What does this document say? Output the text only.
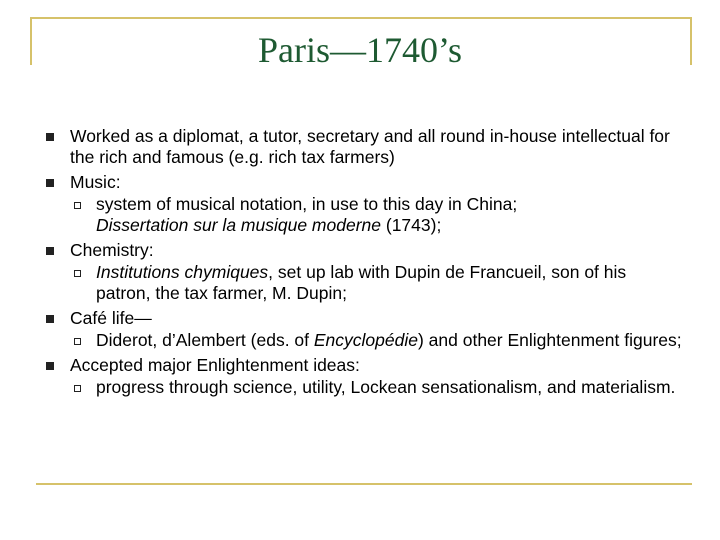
Paris—1740’s
Worked as a diplomat, a tutor, secretary and all round in-house intellectual for the rich and famous (e.g. rich tax farmers)
Music:
system of musical notation, in use to this day in China;
Dissertation sur la musique moderne (1743);
Chemistry:
Institutions chymiques, set up lab with Dupin de Francueil, son of his patron, the tax farmer, M. Dupin;
Café life—
Diderot, d’Alembert (eds. of Encyclopédie) and other Enlightenment figures;
Accepted major Enlightenment ideas:
progress through science, utility, Lockean sensationalism, and materialism.
